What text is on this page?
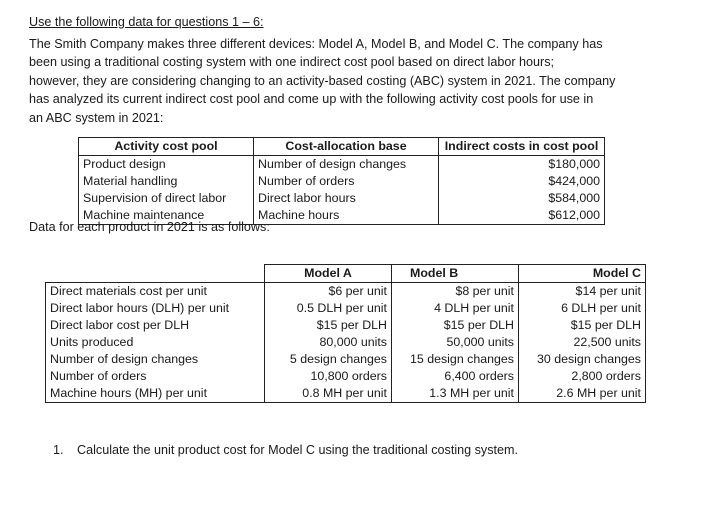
Use the following data for questions 1 – 6:
The Smith Company makes three different devices: Model A, Model B, and Model C. The company has
been using a traditional costing system with one indirect cost pool based on direct labor hours;
however, they are considering changing to an activity-based costing (ABC) system in 2021. The company
has analyzed its current indirect cost pool and come up with the following activity cost pools for use in
an ABC system in 2021:
Activity cost pool	Cost-allocation base	Indirect costs in cost pool
Product design	Number of design changes	$180,000
Material handling	Number of orders	$424,000
Supervision of direct labor	Direct labor hours	$584,000
Machine maintenance	Machine hours	$612,000
Data for each product in 2021 is as follows:
	Model A	Model B	Model C
Direct materials cost per unit	$6 per unit	$8 per unit	$14 per unit
Direct labor hours (DLH) per unit	0.5 DLH per unit	4 DLH per unit	6 DLH per unit
Direct labor cost per DLH	$15 per DLH	$15 per DLH	$15 per DLH
Units produced	80,000 units	50,000 units	22,500 units
Number of design changes	5 design changes	15 design changes	30 design changes
Number of orders	10,800 orders	6,400 orders	2,800 orders
Machine hours (MH) per unit	0.8 MH per unit	1.3 MH per unit	2.6 MH per unit
1. Calculate the unit product cost for Model C using the traditional costing system.
